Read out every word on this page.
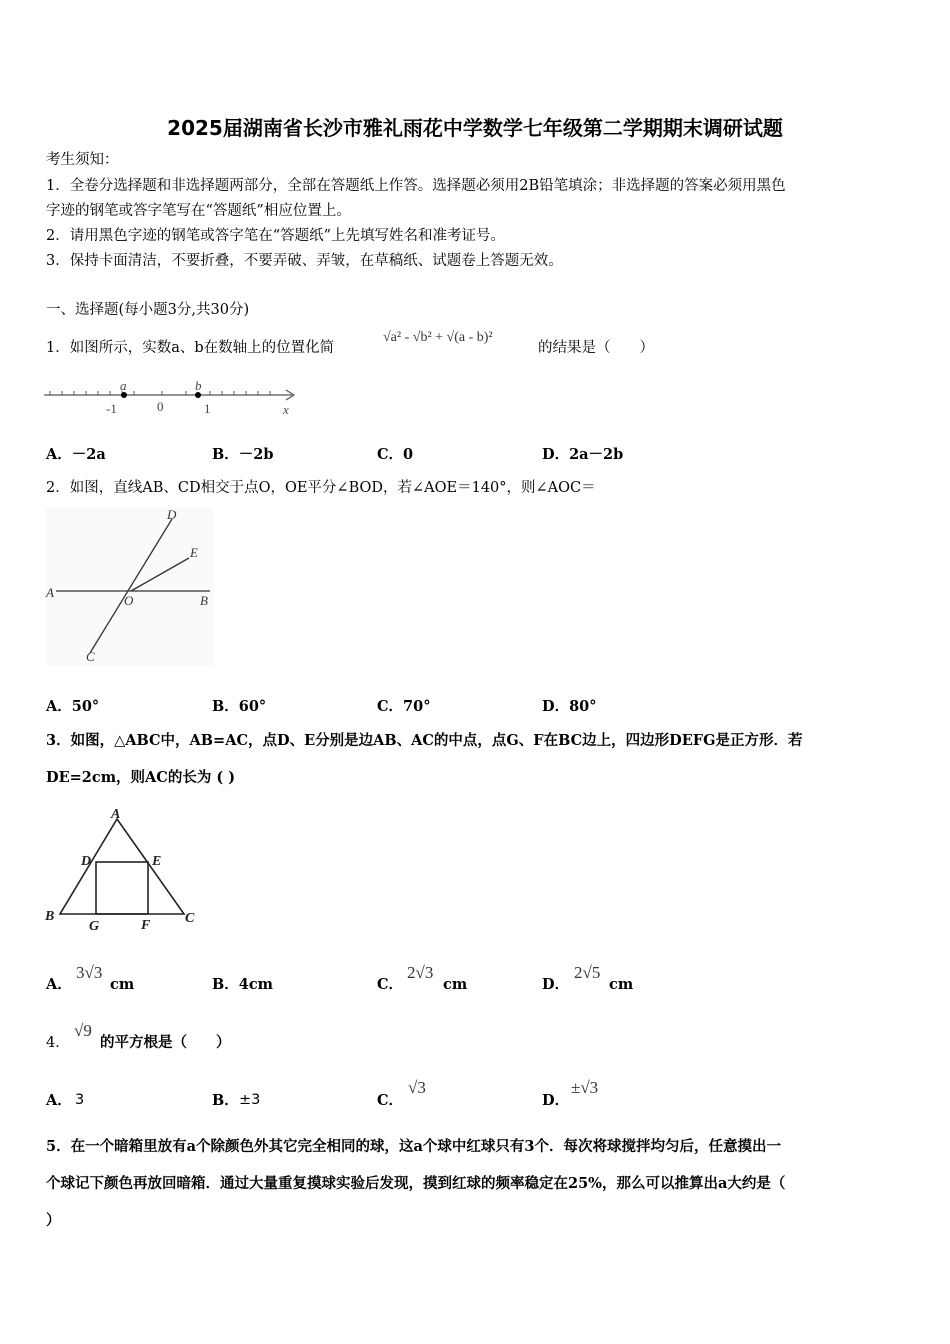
2025届湖南省长沙市雅礼雨花中学数学七年级第二学期期末调研试题
考生须知：
1．全卷分选择题和非选择题两部分，全部在答题纸上作答。选择题必须用2B铅笔填涂；非选择题的答案必须用黑色
字迹的钢笔或答字笔写在“答题纸”相应位置上。
2．请用黑色字迹的钢笔或答字笔在“答题纸”上先填写姓名和准考证号。
3．保持卡面清洁，不要折叠，不要弄破、弄皱，在草稿纸、试题卷上答题无效。
一、选择题(每小题3分,共30分)
1．如图所示，实数a、b在数轴上的位置化简
√a² - √b² + √(a - b)²
的结果是（　　）
a	b
-1	0	1	x
A．－2a	B．－2b	C．0	D．2a－2b
2．如图，直线AB、CD相交于点O，OE平分∠BOD，若∠AOE＝140°，则∠AOC＝
A
B
C
D
E
O
A．50°	B．60°	C．70°	D．80°
3．如图，△ABC中，AB=AC，点D、E分别是边AB、AC的中点，点G、F在BC边上，四边形DEFG是正方形．若
DE=2cm，则AC的长为 ( )
A
B	C
D	E
F
G
A．
3√3
cm	B．4cm	C．
2√3
cm	D．
2√5
cm
4．
√9
的平方根是（　　）
A． 3	B． ±3	C．
√3
D．
±√3
5．在一个暗箱里放有a个除颜色外其它完全相同的球，这a个球中红球只有3个．每次将球搅拌均匀后，任意摸出一
个球记下颜色再放回暗箱．通过大量重复摸球实验后发现，摸到红球的频率稳定在25%，那么可以推算出a大约是（
）
